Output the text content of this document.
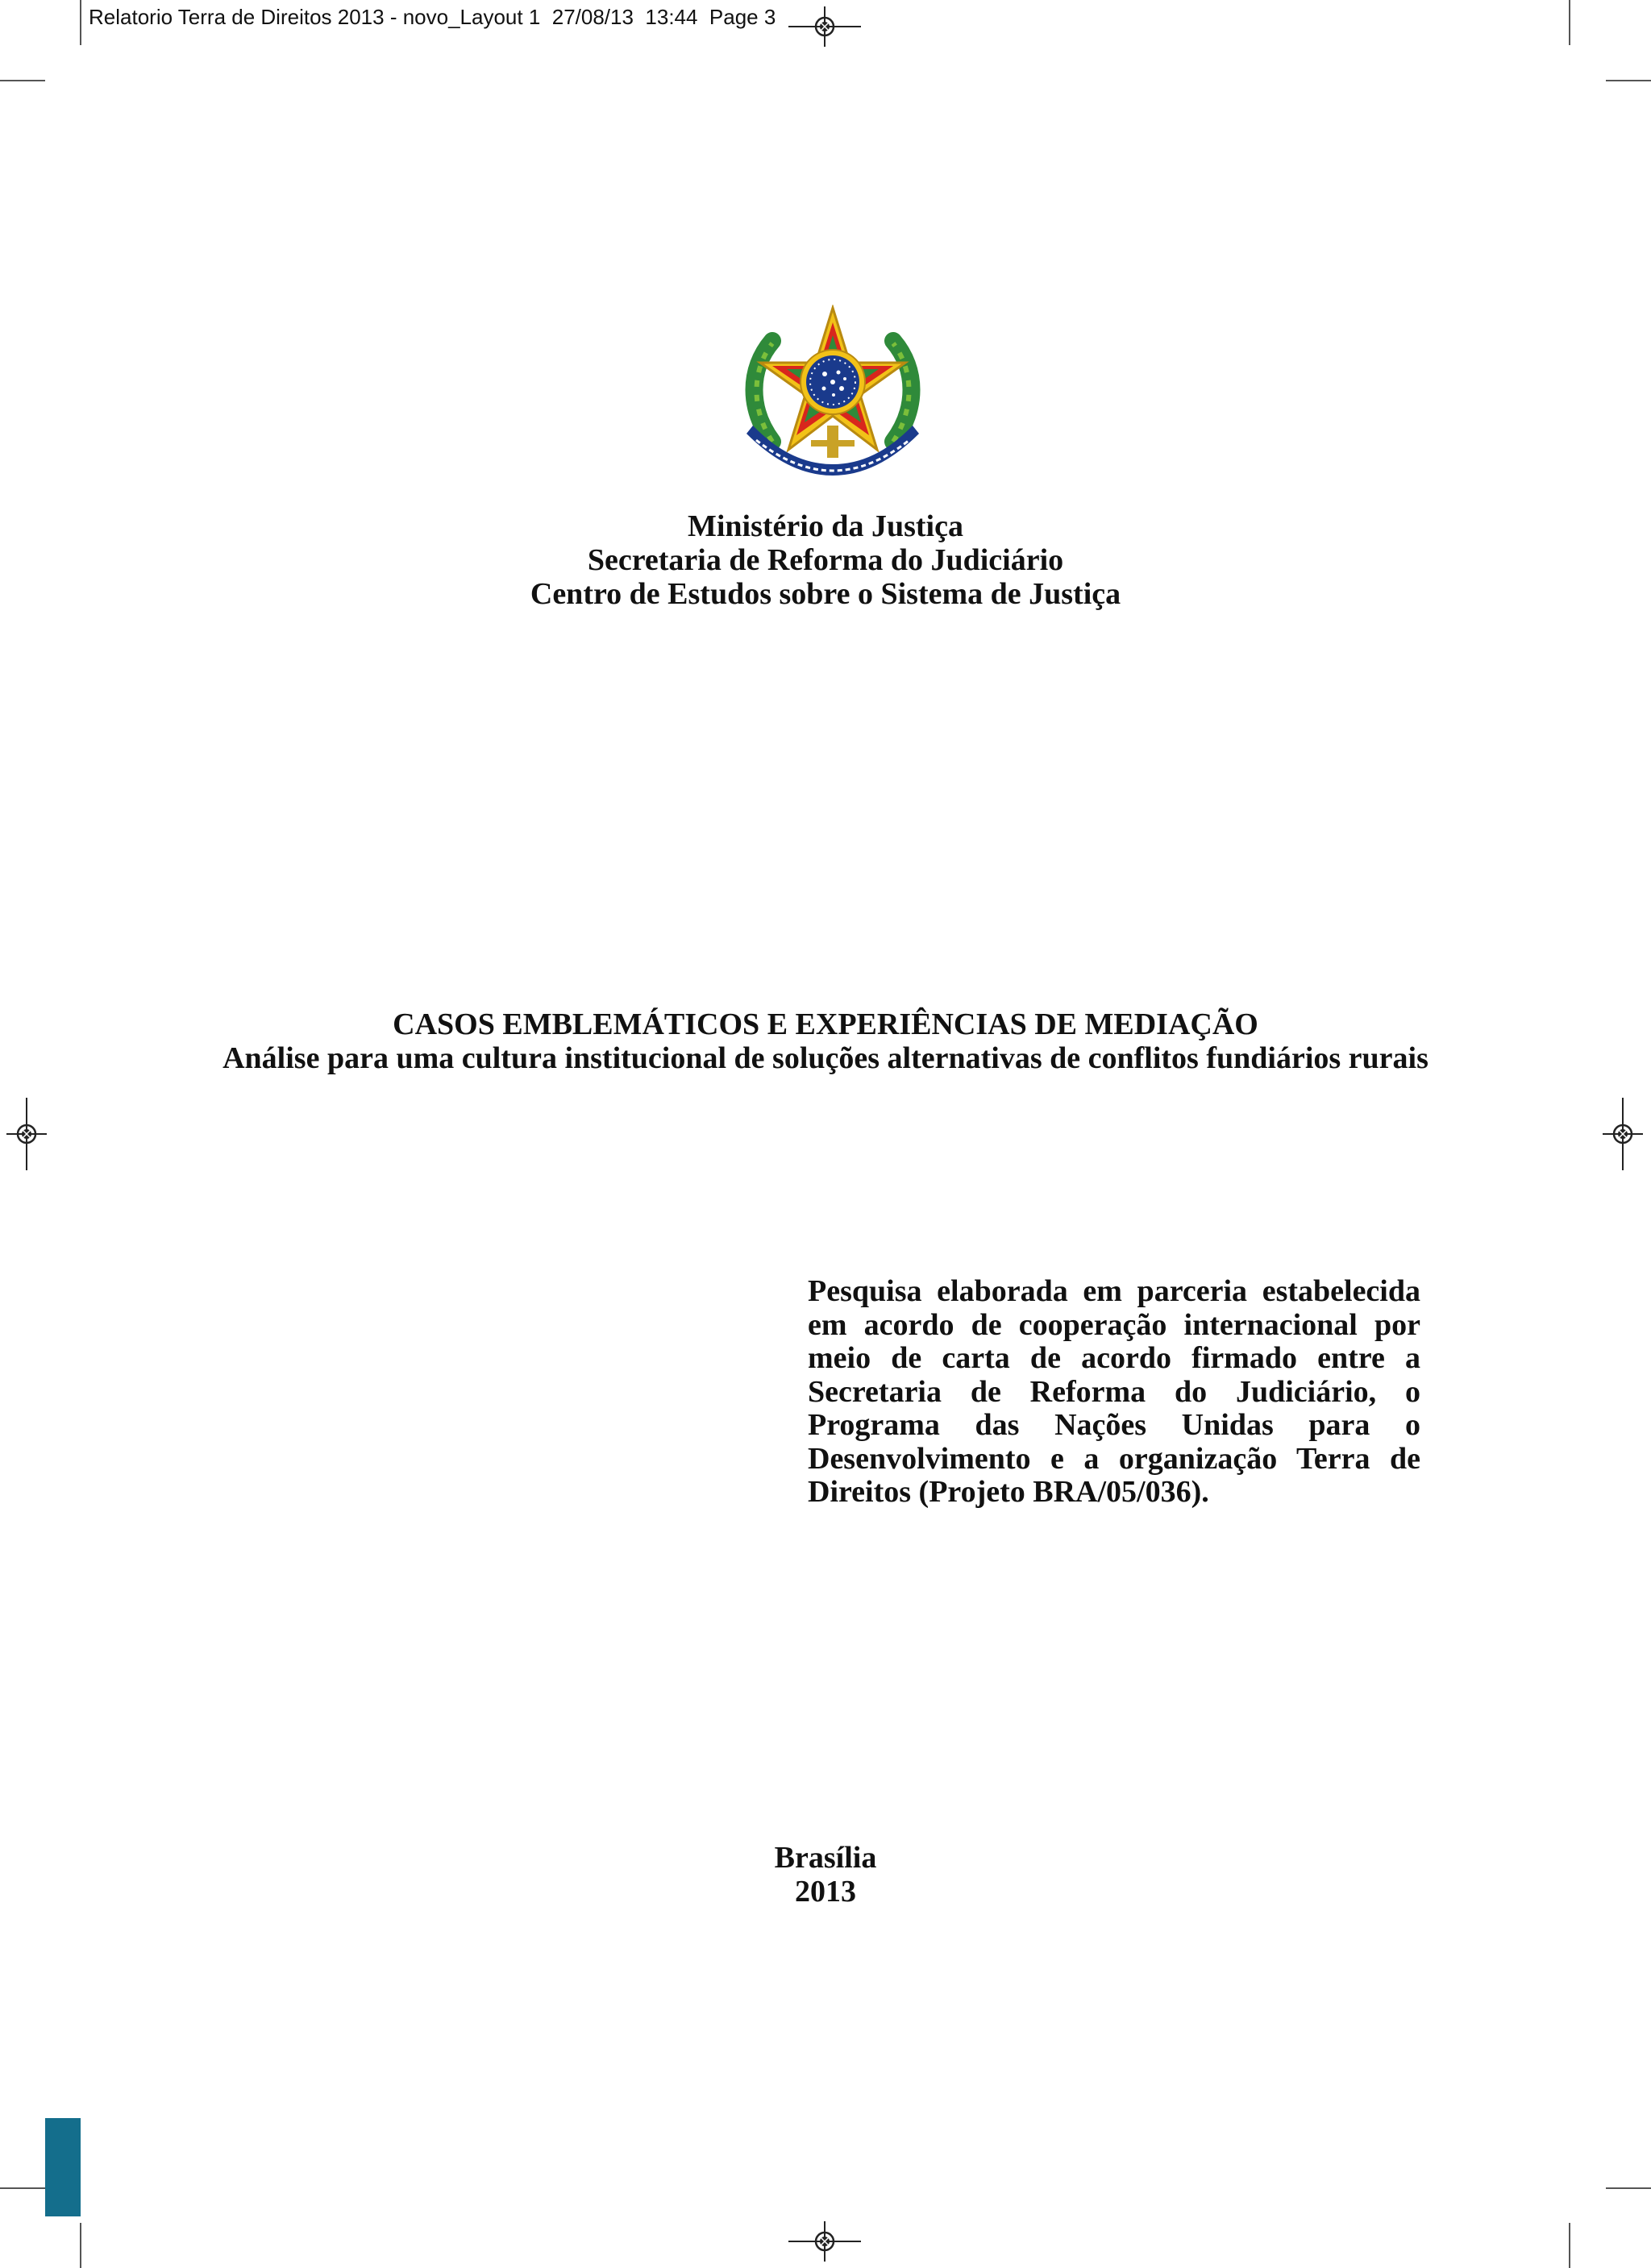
Relatorio Terra de Direitos 2013 - novo_Layout 1  27/08/13  13:44  Page 3
Ministério da Justiça
Secretaria de Reforma do Judiciário
Centro de Estudos sobre o Sistema de Justiça
CASOS EMBLEMÁTICOS E EXPERIÊNCIAS DE MEDIAÇÃO
Análise para uma cultura institucional de soluções alternativas de conflitos fundiários rurais
Pesquisa elaborada em parceria estabelecida em acordo de cooperação internacional por meio de carta de acordo firmado entre a Secretaria de Reforma do Judiciário, o Programa das Nações Unidas para o Desenvolvimento e a organização Terra de Direitos (Projeto BRA/05/036).
Brasília
2013
